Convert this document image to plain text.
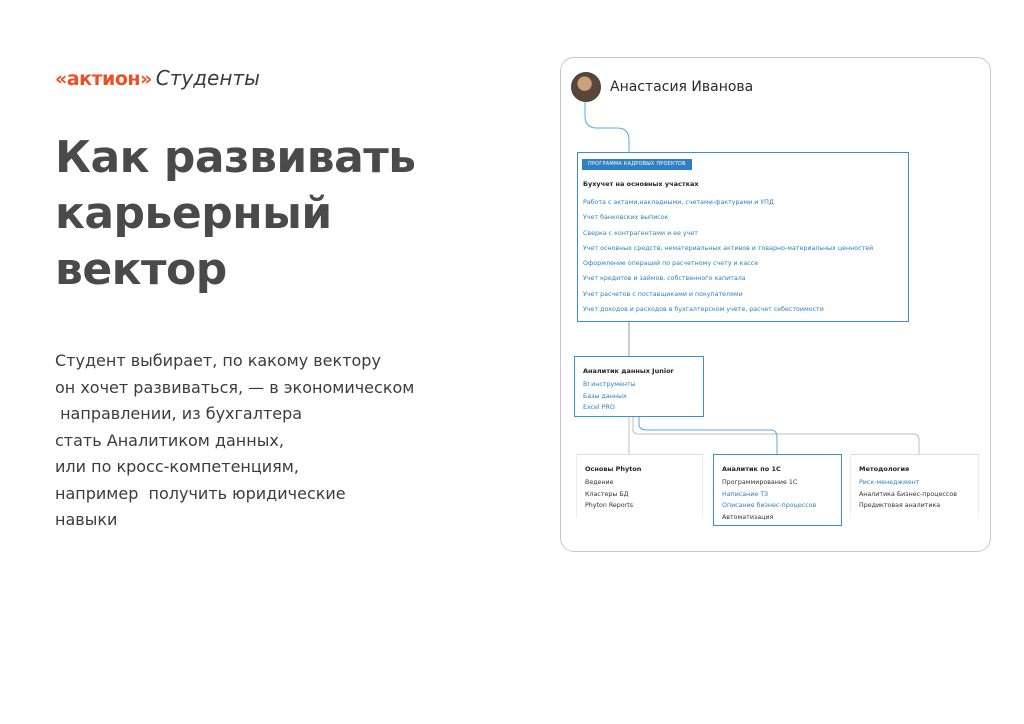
«актион» Студенты
Как развивать
карьерный
вектор
Студент выбирает, по какому вектору
он хочет развиваться, — в экономическом
направлении, из бухгалтера
стать Аналитиком данных,
или по кросс-компетенциям,
например  получить юридические
навыки
Анастасия Иванова
ПРОГРАММА КАДРОВЫХ ПРОЕКТОВ
Бухучет на основных участках
Работа с актами,накладными, счетами-фактурами и УПД
Учет банковских выписок
Сверка с контрагентами и ее учет
Учет основных средств, нематериальных активов и товарно-материальных ценностей
Оформление операций по расчетному счету и кассе
Учет кредитов и займов, собственного капитала
Учет расчетов с поставщиками и покупателями
Учет доходов и расходов в бухгалтерском учете, расчет себестоимости
Аналитик данных Junior
BI инструменты
Базы данных
Excel PRO
Основы Phyton
Ведение
Кластеры БД
Phyton Reports
Аналитик по 1С
Программирование 1С
Написание ТЗ
Описание бизнес-процессов
Автоматизация
Методология
Риск-менеджмент
Аналитика Бизнес-процессов
Предиктовая аналитика
